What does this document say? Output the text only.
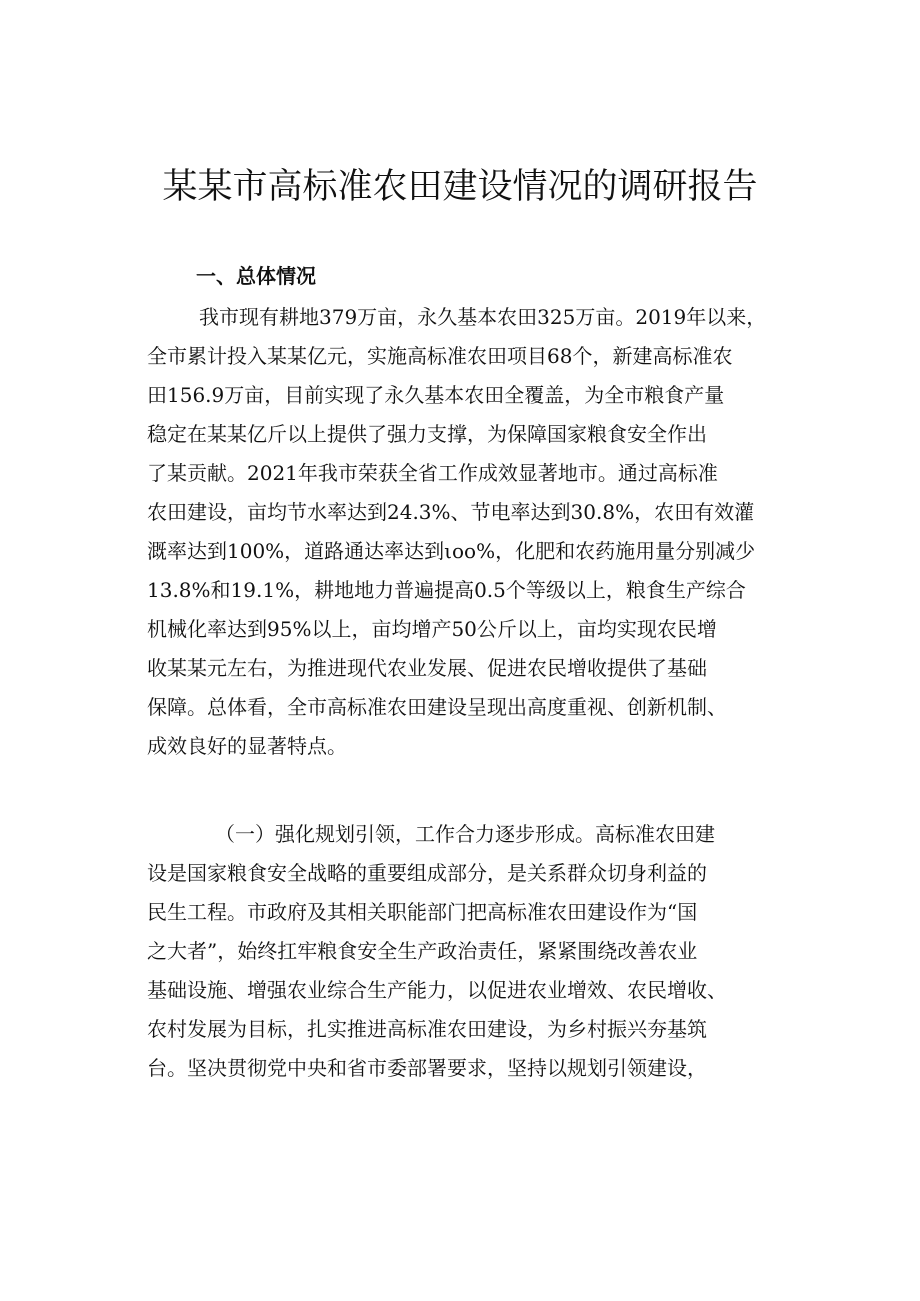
某某市高标准农田建设情况的调研报告
一、总体情况
我市现有耕地379万亩，永久基本农田325万亩。2019年以来，
全市累计投入某某亿元，实施高标准农田项目68个，新建高标准农
田156.9万亩，目前实现了永久基本农田全覆盖，为全市粮食产量
稳定在某某亿斤以上提供了强力支撑，为保障国家粮食安全作出
了某贡献。2021年我市荣获全省工作成效显著地市。通过高标准
农田建设，亩均节水率达到24.3%、节电率达到30.8%，农田有效灌
溉率达到100%，道路通达率达到ιoo%，化肥和农药施用量分别减少
13.8%和19.1%，耕地地力普遍提高0.5个等级以上，粮食生产综合
机械化率达到95%以上，亩均增产50公斤以上，亩均实现农民增
收某某元左右，为推进现代农业发展、促进农民增收提供了基础
保障。总体看，全市高标准农田建设呈现出高度重视、创新机制、
成效良好的显著特点。
（一）强化规划引领，工作合力逐步形成。高标准农田建
设是国家粮食安全战略的重要组成部分，是关系群众切身利益的
民生工程。市政府及其相关职能部门把高标准农田建设作为“国
之大者”，始终扛牢粮食安全生产政治责任，紧紧围绕改善农业
基础设施、增强农业综合生产能力，以促进农业增效、农民增收、
农村发展为目标，扎实推进高标准农田建设，为乡村振兴夯基筑
台。坚决贯彻党中央和省市委部署要求，坚持以规划引领建设，
